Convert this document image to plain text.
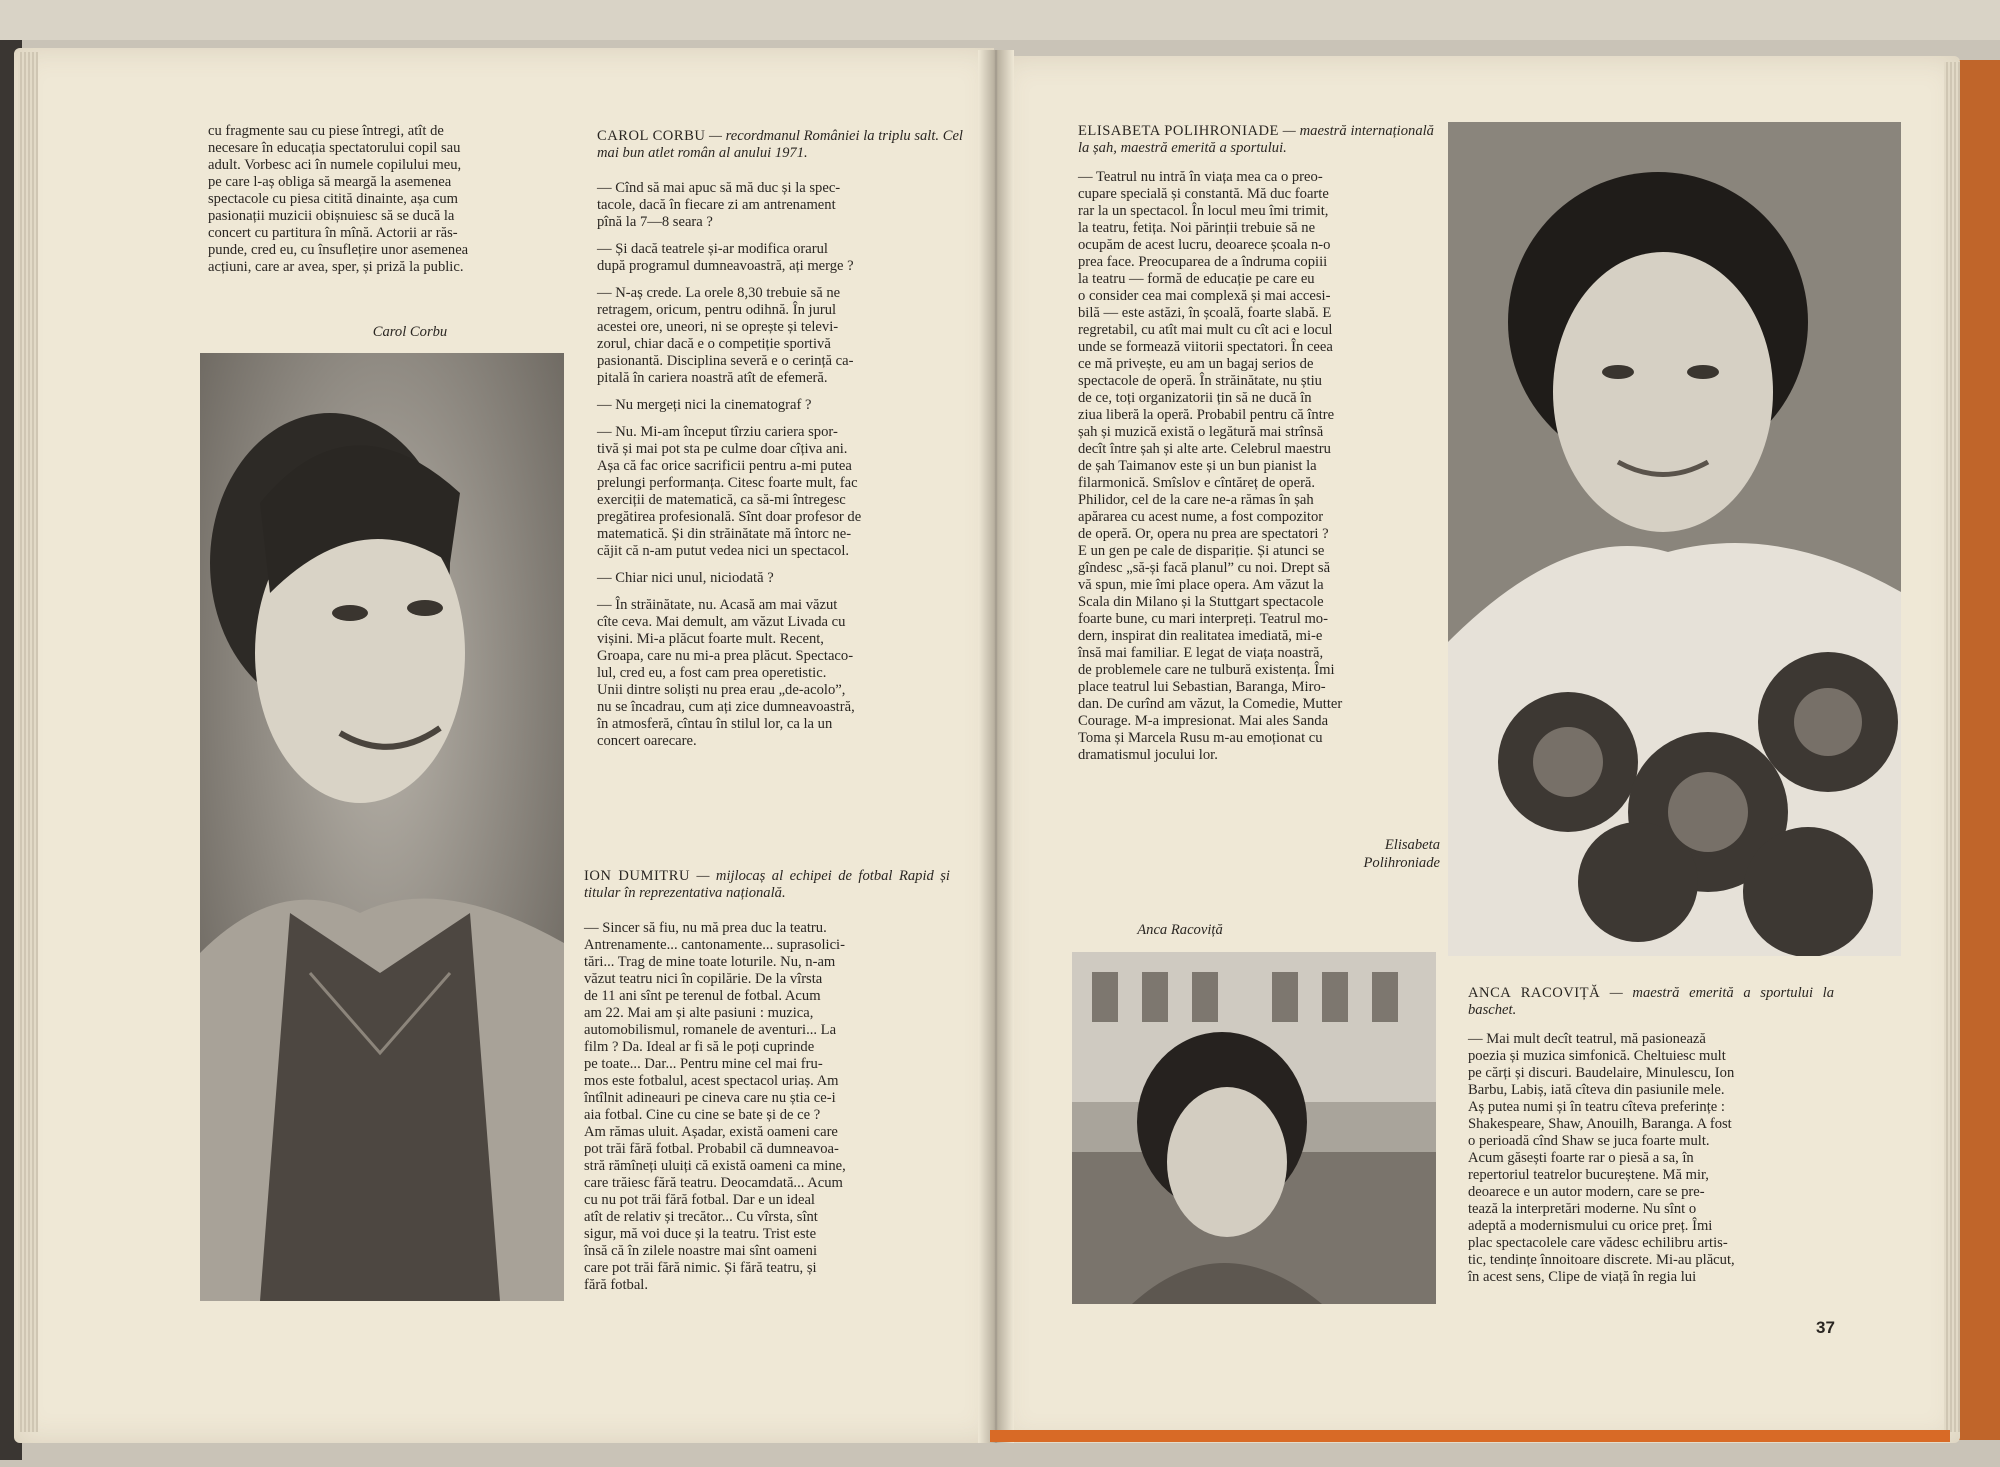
cu fragmente sau cu piese întregi, atît de
necesare în educația spectatorului copil sau
adult. Vorbesc aci în numele copilului meu,
pe care l-aș obliga să meargă la asemenea
spectacole cu piesa citită dinainte, așa cum
pasionații muzicii obișnuiesc să se ducă la
concert cu partitura în mînă. Actorii ar răs-
punde, cred eu, cu însuflețire unor asemenea
acțiuni, care ar avea, sper, și priză la public.
Carol Corbu

CAROL CORBU — recordmanul României la triplu salt. Cel mai bun atlet român al anului 1971.

— Cînd să mai apuc să mă duc și la spec-
tacole, dacă în fiecare zi am antrenament
pînă la 7—8 seara ?
— Și dacă teatrele și-ar modifica orarul
după programul dumneavoastră, ați merge ?
— N-aș crede. La orele 8,30 trebuie să ne
retragem, oricum, pentru odihnă. În jurul
acestei ore, uneori, ni se oprește și televi-
zorul, chiar dacă e o competiție sportivă
pasionantă. Disciplina severă e o cerință ca-
pitală în cariera noastră atît de efemeră.
— Nu mergeți nici la cinematograf ?
— Nu. Mi-am început tîrziu cariera spor-
tivă și mai pot sta pe culme doar cîțiva ani.
Așa că fac orice sacrificii pentru a-mi putea
prelungi performanța. Citesc foarte mult, fac
exerciții de matematică, ca să-mi întregesc
pregătirea profesională. Sînt doar profesor de
matematică. Și din străinătate mă întorc ne-
căjit că n-am putut vedea nici un spectacol.
— Chiar nici unul, niciodată ?
— În străinătate, nu. Acasă am mai văzut
cîte ceva. Mai demult, am văzut Livada cu
vișini. Mi-a plăcut foarte mult. Recent,
Groapa, care nu mi-a prea plăcut. Spectaco-
lul, cred eu, a fost cam prea operetistic.
Unii dintre soliști nu prea erau „de-acolo”,
nu se încadrau, cum ați zice dumneavoastră,
în atmosferă, cîntau în stilul lor, ca la un
concert oarecare.

ION DUMITRU — mijlocaș al echipei de fotbal Rapid și titular în reprezentativa națională.

— Sincer să fiu, nu mă prea duc la teatru.
Antrenamente... cantonamente... suprasolici-
tări... Trag de mine toate loturile. Nu, n-am
văzut teatru nici în copilărie. De la vîrsta
de 11 ani sînt pe terenul de fotbal. Acum
am 22. Mai am și alte pasiuni : muzica,
automobilismul, romanele de aventuri... La
film ? Da. Ideal ar fi să le poți cuprinde
pe toate... Dar... Pentru mine cel mai fru-
mos este fotbalul, acest spectacol uriaș. Am
întîlnit adineauri pe cineva care nu știa ce-i
aia fotbal. Cine cu cine se bate și de ce ?
Am rămas uluit. Așadar, există oameni care
pot trăi fără fotbal. Probabil că dumneavoa-
stră rămîneți uluiți că există oameni ca mine,
care trăiesc fără teatru. Deocamdată... Acum
cu nu pot trăi fără fotbal. Dar e un ideal
atît de relativ și trecător... Cu vîrsta, sînt
sigur, mă voi duce și la teatru. Trist este
însă că în zilele noastre mai sînt oameni
care pot trăi fără nimic. Și fără teatru, și
fără fotbal.

ELISABETA POLIHRONIADE — maestră internațională la șah, maestră emerită a sportului.

— Teatrul nu intră în viața mea ca o preo-
cupare specială și constantă. Mă duc foarte
rar la un spectacol. În locul meu îmi trimit,
la teatru, fetița. Noi părinții trebuie să ne
ocupăm de acest lucru, deoarece școala n-o
prea face. Preocuparea de a îndruma copiii
la teatru — formă de educație pe care eu
o consider cea mai complexă și mai accesi-
bilă — este astăzi, în școală, foarte slabă. E
regretabil, cu atît mai mult cu cît aci e locul
unde se formează viitorii spectatori. În ceea
ce mă privește, eu am un bagaj serios de
spectacole de operă. În străinătate, nu știu
de ce, toți organizatorii țin să ne ducă în
ziua liberă la operă. Probabil pentru că între
șah și muzică există o legătură mai strînsă
decît între șah și alte arte. Celebrul maestru
de șah Taimanov este și un bun pianist la
filarmonică. Smîslov e cîntăreț de operă.
Philidor, cel de la care ne-a rămas în șah
apărarea cu acest nume, a fost compozitor
de operă. Or, opera nu prea are spectatori ?
E un gen pe cale de dispariție. Și atunci se
gîndesc „să-și facă planul” cu noi. Drept să
vă spun, mie îmi place opera. Am văzut la
Scala din Milano și la Stuttgart spectacole
foarte bune, cu mari interpreți. Teatrul mo-
dern, inspirat din realitatea imediată, mi-e
însă mai familiar. E legat de viața noastră,
de problemele care ne tulbură existența. Îmi
place teatrul lui Sebastian, Baranga, Miro-
dan. De curînd am văzut, la Comedie, Mutter
Courage. M-a impresionat. Mai ales Sanda
Toma și Marcela Rusu m-au emoționat cu
dramatismul jocului lor.
Elisabeta
Polihroniade
Anca Racoviță

ANCA RACOVIȚĂ — maestră emerită a sportului la baschet.

— Mai mult decît teatrul, mă pasionează
poezia și muzica simfonică. Cheltuiesc mult
pe cărți și discuri. Baudelaire, Minulescu, Ion
Barbu, Labiș, iată cîteva din pasiunile mele.
Aș putea numi și în teatru cîteva preferințe :
Shakespeare, Shaw, Anouilh, Baranga. A fost
o perioadă cînd Shaw se juca foarte mult.
Acum găsești foarte rar o piesă a sa, în
repertoriul teatrelor bucureștene. Mă mir,
deoarece e un autor modern, care se pre-
tează la interpretări moderne. Nu sînt o
adeptă a modernismului cu orice preț. Îmi
plac spectacolele care vădesc echilibru artis-
tic, tendințe înnoitoare discrete. Mi-au plăcut,
în acest sens, Clipe de viață în regia lui
37
